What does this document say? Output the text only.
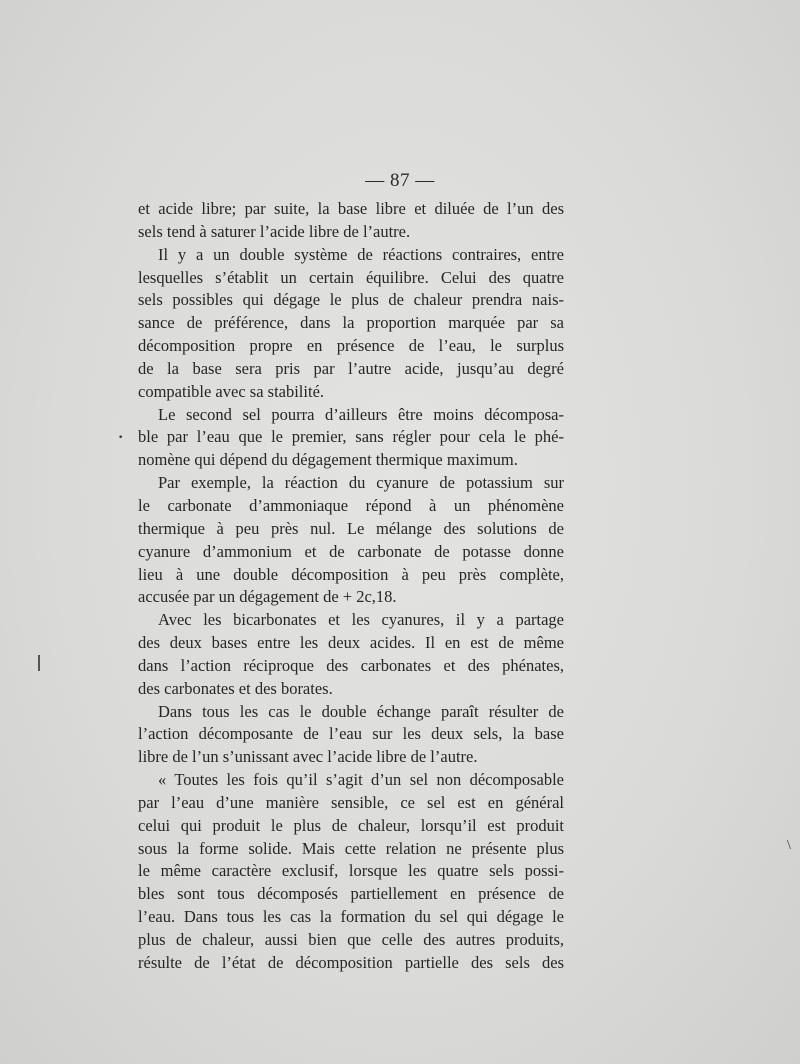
— 87 —
et acide libre; par suite, la base libre et diluée de l’un des
sels tend à saturer l’acide libre de l’autre.
Il y a un double système de réactions contraires, entre
lesquelles s’établit un certain équilibre. Celui des quatre
sels possibles qui dégage le plus de chaleur prendra nais-
sance de préférence, dans la proportion marquée par sa
décomposition propre en présence de l’eau, le surplus
de la base sera pris par l’autre acide, jusqu’au degré
compatible avec sa stabilité.
Le second sel pourra d’ailleurs être moins décomposa-
ble par l’eau que le premier, sans régler pour cela le phé-
nomène qui dépend du dégagement thermique maximum.
Par exemple, la réaction du cyanure de potassium sur
le carbonate d’ammoniaque répond à un phénomène
thermique à peu près nul. Le mélange des solutions de
cyanure d’ammonium et de carbonate de potasse donne
lieu à une double décomposition à peu près complète,
accusée par un dégagement de + 2c,18.
Avec les bicarbonates et les cyanures, il y a partage
des deux bases entre les deux acides. Il en est de même
dans l’action réciproque des carbonates et des phénates,
des carbonates et des borates.
Dans tous les cas le double échange paraît résulter de
l’action décomposante de l’eau sur les deux sels, la base
libre de l’un s’unissant avec l’acide libre de l’autre.
« Toutes les fois qu’il s’agit d’un sel non décomposable
par l’eau d’une manière sensible, ce sel est en général
celui qui produit le plus de chaleur, lorsqu’il est produit
sous la forme solide. Mais cette relation ne présente plus
le même caractère exclusif, lorsque les quatre sels possi-
bles sont tous décomposés partiellement en présence de
l’eau. Dans tous les cas la formation du sel qui dégage le
plus de chaleur, aussi bien que celle des autres produits,
résulte de l’état de décomposition partielle des sels des
·
\
